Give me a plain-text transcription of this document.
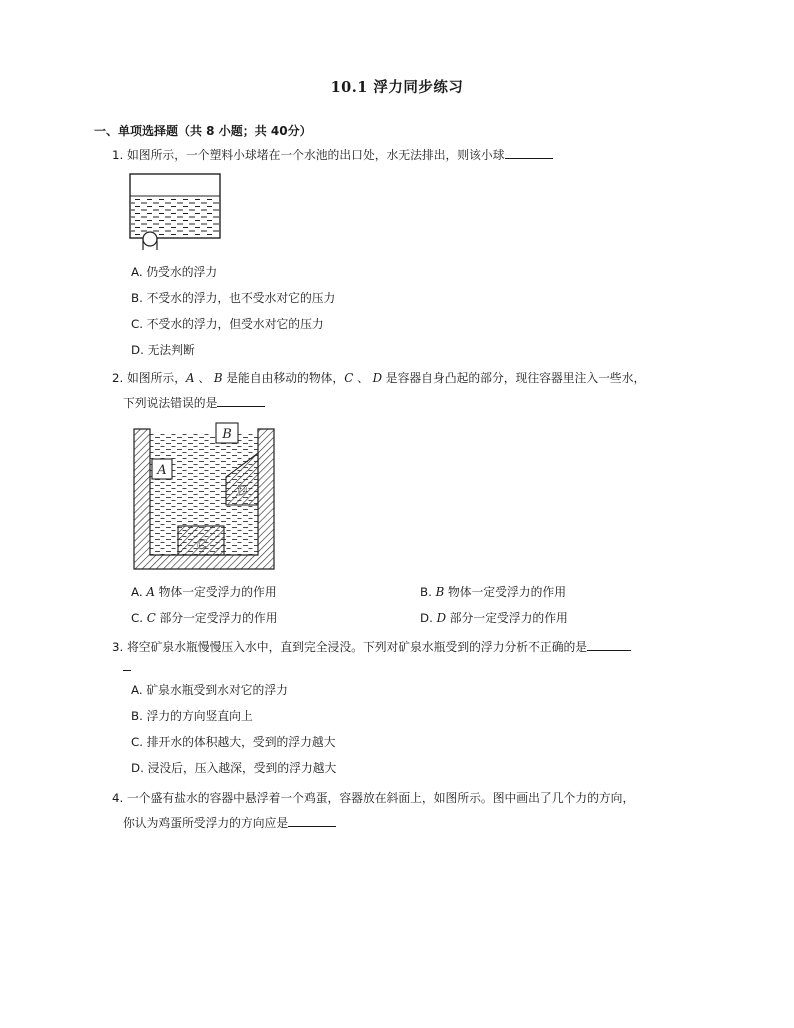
10.1 浮力同步练习
一、单项选择题（共 8 小题；共 40分）
1. 如图所示，一个塑料小球堵在一个水池的出口处，水无法排出，则该小球
A. 仍受水的浮力
B. 不受水的浮力，也不受水对它的压力
C. 不受水的浮力，但受水对它的压力
D. 无法判断
2. 如图所示，A 、 B 是能自由移动的物体，C 、 D 是容器自身凸起的部分，现往容器里注入一些水，
下列说法错误的是
B
A
D
C
A. A 物体一定受浮力的作用	B. B 物体一定受浮力的作用
C. C 部分一定受浮力的作用	D. D 部分一定受浮力的作用
3. 将空矿泉水瓶慢慢压入水中，直到完全浸没。下列对矿泉水瓶受到的浮力分析不正确的是
A. 矿泉水瓶受到水对它的浮力
B. 浮力的方向竖直向上
C. 排开水的体积越大，受到的浮力越大
D. 浸没后，压入越深，受到的浮力越大
4. 一个盛有盐水的容器中悬浮着一个鸡蛋，容器放在斜面上，如图所示。图中画出了几个力的方向，
你认为鸡蛋所受浮力的方向应是
